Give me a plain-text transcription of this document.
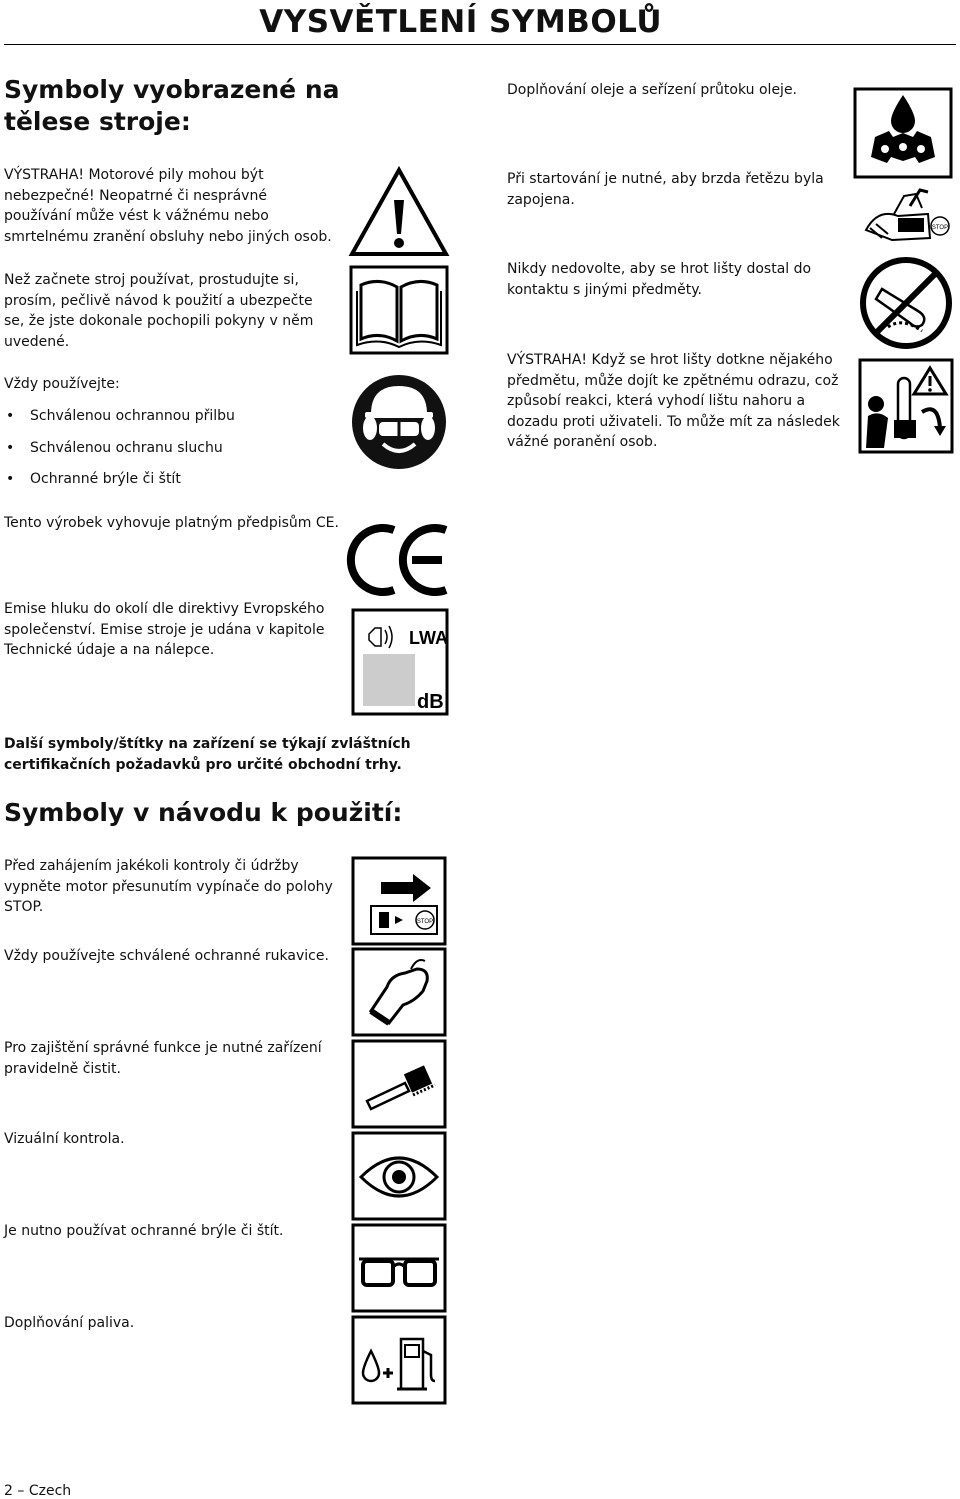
VYSVĚTLENÍ SYMBOLŮ
Symboly vyobrazené na tělese stroje:
VÝSTRAHA! Motorové pily mohou být nebezpečné! Neopatrné či nesprávné používání může vést k vážnému nebo smrtelnému zranění obsluhy nebo jiných osob.
Než začnete stroj používat, prostudujte si, prosím, pečlivě návod k použití a ubezpečte se, že jste dokonale pochopili pokyny v něm uvedené.
Vždy používejte:
• Schválenou ochrannou přilbu
• Schválenou ochranu sluchu
• Ochranné brýle či štít
Tento výrobek vyhovuje platným předpisům CE.
Emise hluku do okolí dle direktivy Evropského společenství. Emise stroje je udána v kapitole Technické údaje a na nálepce.
Další symboly/štítky na zařízení se týkají zvláštních certifikačních požadavků pro určité obchodní trhy.
Symboly v návodu k použití:
Před zahájením jakékoli kontroly či údržby vypněte motor přesunutím vypínače do polohy STOP.
Vždy používejte schválené ochranné rukavice.
Pro zajištění správné funkce je nutné zařízení pravidelně čistit.
Vizuální kontrola.
Je nutno používat ochranné brýle či štít.
Doplňování paliva.
Doplňování oleje a seřízení průtoku oleje.
Při startování je nutné, aby brzda řetězu byla zapojena.
Nikdy nedovolte, aby se hrot lišty dostal do kontaktu s jinými předměty.
VÝSTRAHA! Když se hrot lišty dotkne nějakého předmětu, může dojít ke zpětnému odrazu, což způsobí reakci, která vyhodí lištu nahoru a dozadu proti uživateli. To může mít za následek vážné poranění osob.
LWA
dB
STOP
STOP
2 – Czech
